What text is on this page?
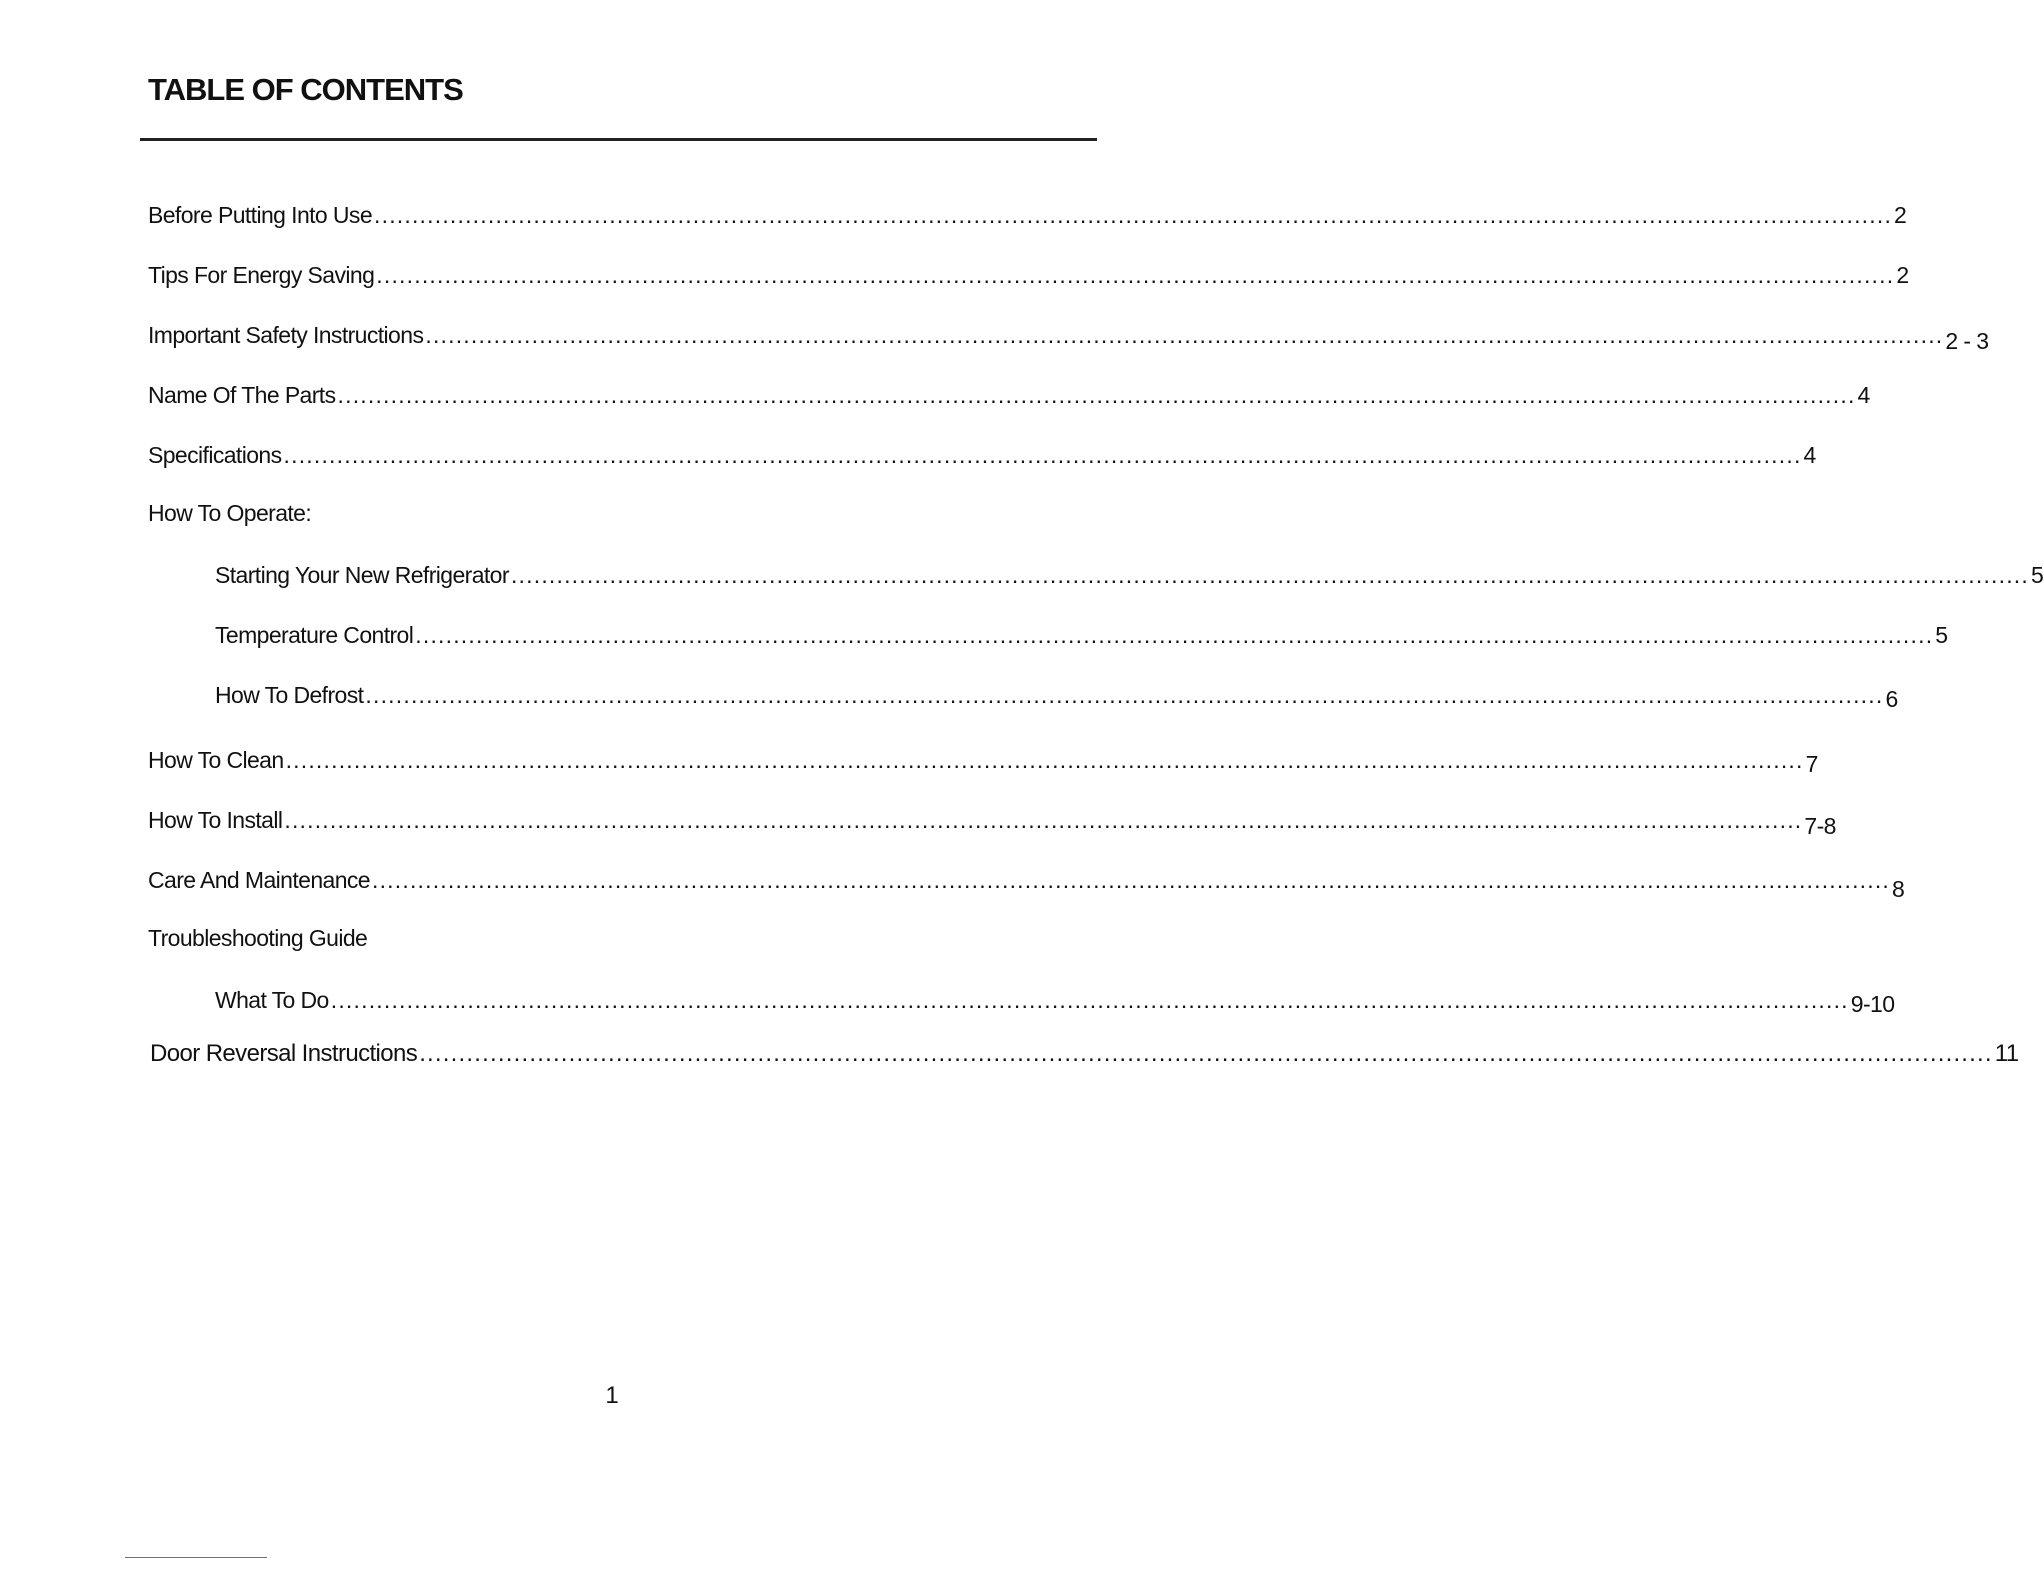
TABLE OF CONTENTS
Before Putting Into Use ........................................................................................................................................................................................................ 2
Tips For Energy Saving ........................................................................................................................................................................................................ 2
Important Safety Instructions ........................................................................................................................................................................................................ 2 - 3
Name Of The Parts ........................................................................................................................................................................................................ 4
Specifications ........................................................................................................................................................................................................ 4
How To Operate:
Starting Your New Refrigerator ........................................................................................................................................................................................................ 5
Temperature Control ........................................................................................................................................................................................................ 5
How To Defrost ........................................................................................................................................................................................................ 6
How To Clean ........................................................................................................................................................................................................ 7
How To Install ........................................................................................................................................................................................................ 7-8
Care And Maintenance ........................................................................................................................................................................................................ 8
Troubleshooting Guide
What To Do ........................................................................................................................................................................................................ 9-10
Door Reversal Instructions ........................................................................................................................................................................................................ 11
1
